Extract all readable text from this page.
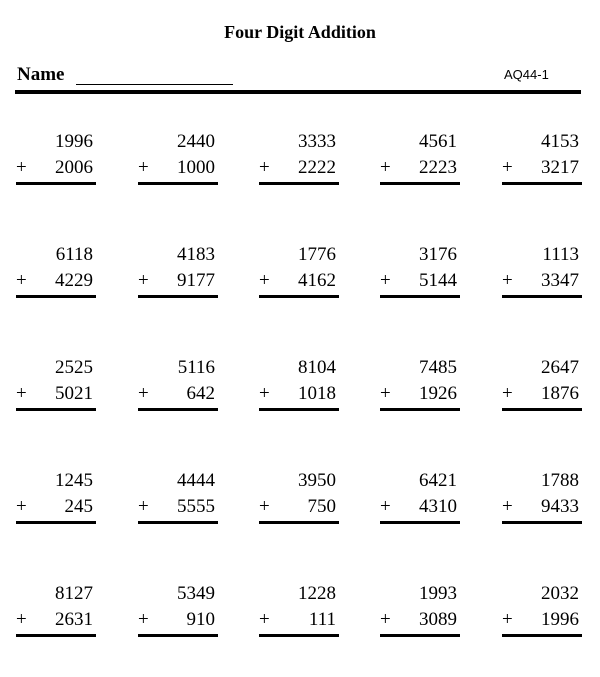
Four Digit Addition
Name	AQ44-1
1996
+ 2006
2440
+ 1000
3333
+ 2222
4561
+ 2223
4153
+ 3217
6118
+ 4229
4183
+ 9177
1776
+ 4162
3176
+ 5144
1113
+ 3347
2525
+ 5021
5116
+ 642
8104
+ 1018
7485
+ 1926
2647
+ 1876
1245
+ 245
4444
+ 5555
3950
+ 750
6421
+ 4310
1788
+ 9433
8127
+ 2631
5349
+ 910
1228
+ 111
1993
+ 3089
2032
+ 1996
